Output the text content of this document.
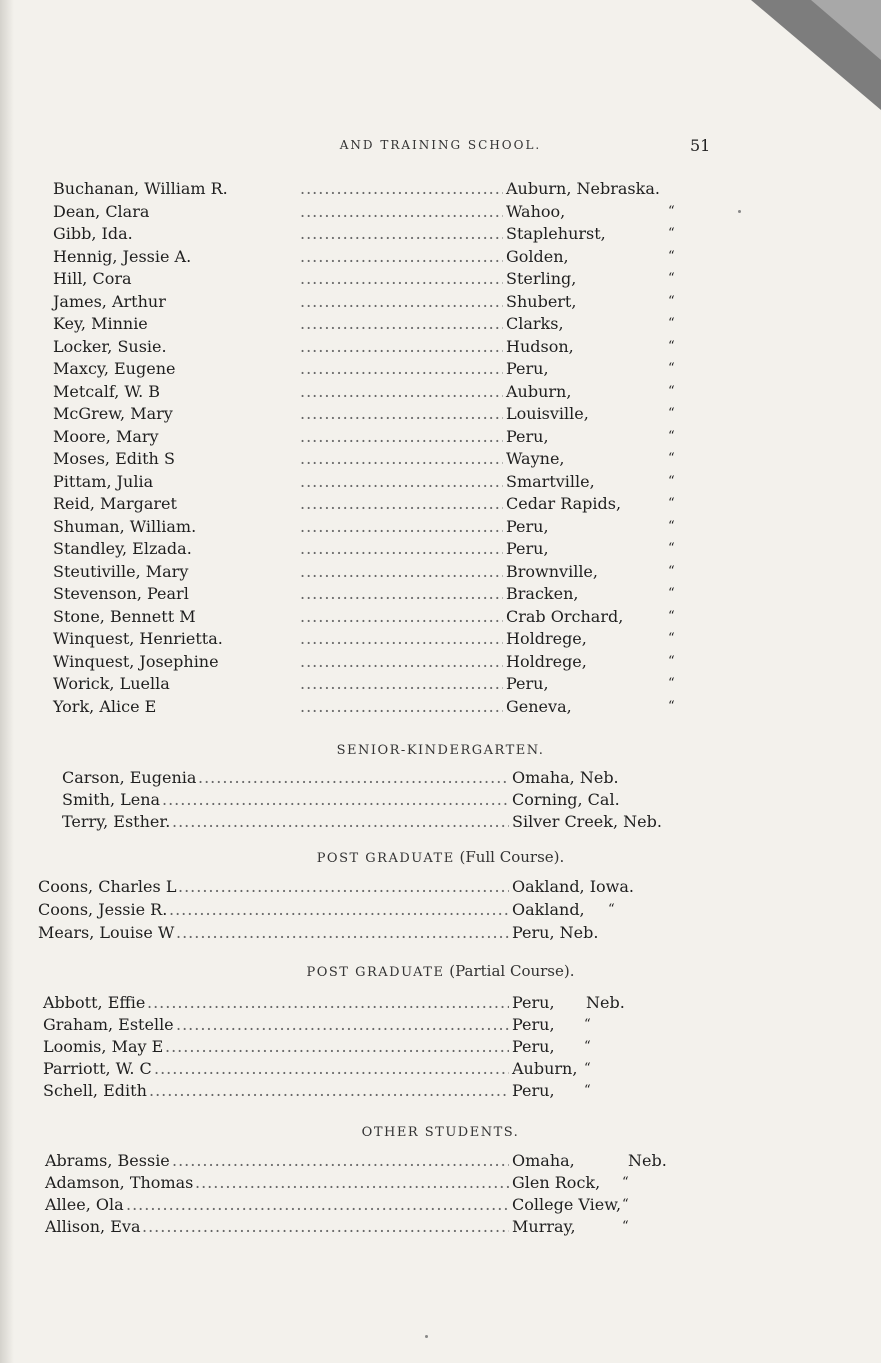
AND TRAINING SCHOOL.	51
Buchanan, William R. .....	Auburn, Nebraska.
Dean, Clara .....	Wahoo,	“
Gibb, Ida. .....	Staplehurst,	“
Hennig, Jessie A. .....	Golden,	“
Hill, Cora .....	Sterling,	“
James, Arthur .....	Shubert,	“
Key, Minnie .....	Clarks,	“
Locker, Susie. .....	Hudson,	“
Maxcy, Eugene .....	Peru,	“
Metcalf, W. B .....	Auburn,	“
McGrew, Mary .....	Louisville,	“
Moore, Mary .....	Peru,	“
Moses, Edith S .....	Wayne,	“
Pittam, Julia .....	Smartville,	“
Reid, Margaret .....	Cedar Rapids,	“
Shuman, William. .....	Peru,	“
Standley, Elzada. .....	Peru,	“
Steutiville, Mary .....	Brownville,	“
Stevenson, Pearl .....	Bracken,	“
Stone, Bennett M .....	Crab Orchard,	“
Winquest, Henrietta. .....	Holdrege,	“
Winquest, Josephine .....	Holdrege,	“
Worick, Luella .....	Peru,	“
York, Alice E .....	Geneva,	“
SENIOR-KINDERGARTEN.
Carson, Eugenia .....	Omaha, Neb.
Smith, Lena .....	Corning, Cal.
Terry, Esther. .....	Silver Creek, Neb.
POST GRADUATE (Full Course).
Coons, Charles L .....	Oakland, Iowa.
Coons, Jessie R. .....	Oakland, “
Mears, Louise W .....	Peru, Neb.
POST GRADUATE (Partial Course).
Abbott, Effie .....	Peru, Neb.
Graham, Estelle .....	Peru, “
Loomis, May E .....	Peru, “
Parriott, W. C .....	Auburn, “
Schell, Edith .....	Peru, “
OTHER STUDENTS.
Abrams, Bessie .....	Omaha,	Neb.
Adamson, Thomas .....	Glen Rock, “
Allee, Ola .....	College View, “
Allison, Eva .....	Murray,	“
